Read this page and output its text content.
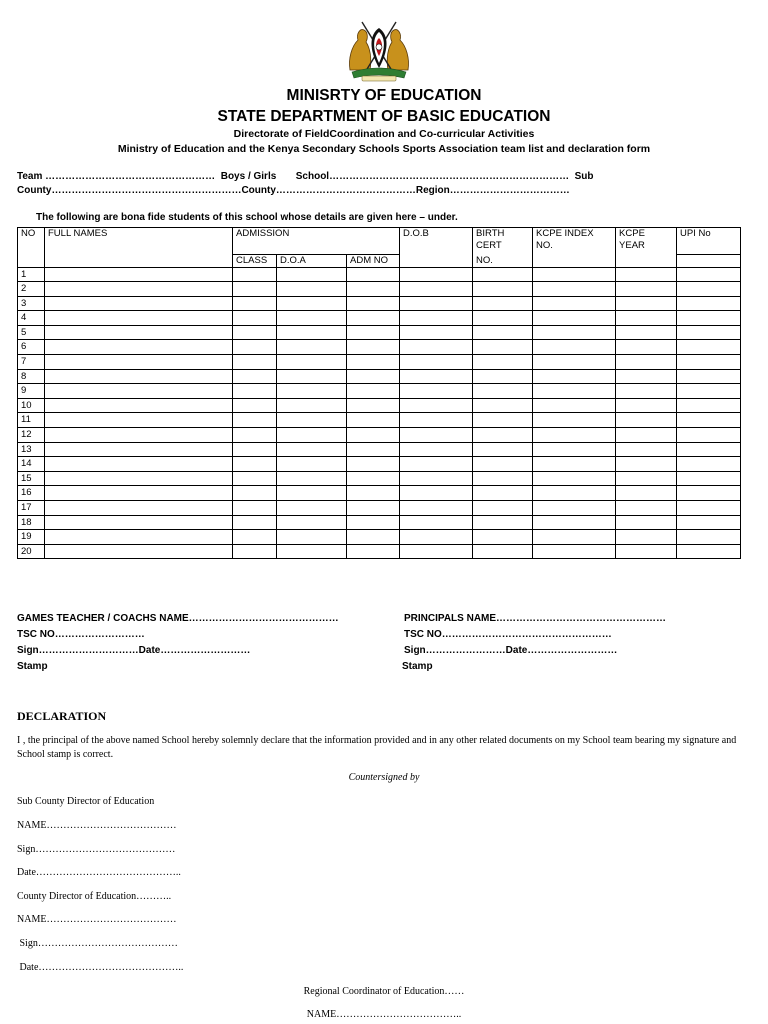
MINISRTY OF EDUCATION
STATE DEPARTMENT OF BASIC EDUCATION
Directorate of FieldCoordination and Co-curricular Activities
Ministry of Education and the Kenya Secondary Schools Sports Association team list and declaration form
Team ……………………………………………  Boys / Girls       School………………………………………………………………  Sub
County…………………………………………………County……………………………………Region………………………………
The following are bona fide students of this school whose details are given here – under.
NO	FULL NAMES	ADMISSION			D.O.B	BIRTH CERT	KCPE INDEX NO.	KCPE YEAR	UPI No
		CLASS	D.O.A	ADM NO		NO.			
1									
2									
3									
4									
5									
6									
7									
8									
9									
10									
11									
12									
13									
14									
15									
16									
17									
18									
19									
20									
GAMES TEACHER / COACHS NAME………………………………………
TSC NO………………………
Sign…………………………Date………………………
Stamp
PRINCIPALS NAME……………………………………………
TSC NO……………………………………………
Sign……………………Date………………………
Stamp
DECLARATION
I , the principal of the above named School hereby solemnly declare that the information provided and in any other related documents on my School team bearing my signature and School stamp is correct.
Countersigned by
Sub County Director of Education
NAME…………………………………
Sign……………………………………
Date……………………………………..
County Director of Education………..
NAME…………………………………
Sign……………………………………
Date……………………………………..
Regional Coordinator of Education……
NAME………………………………..
